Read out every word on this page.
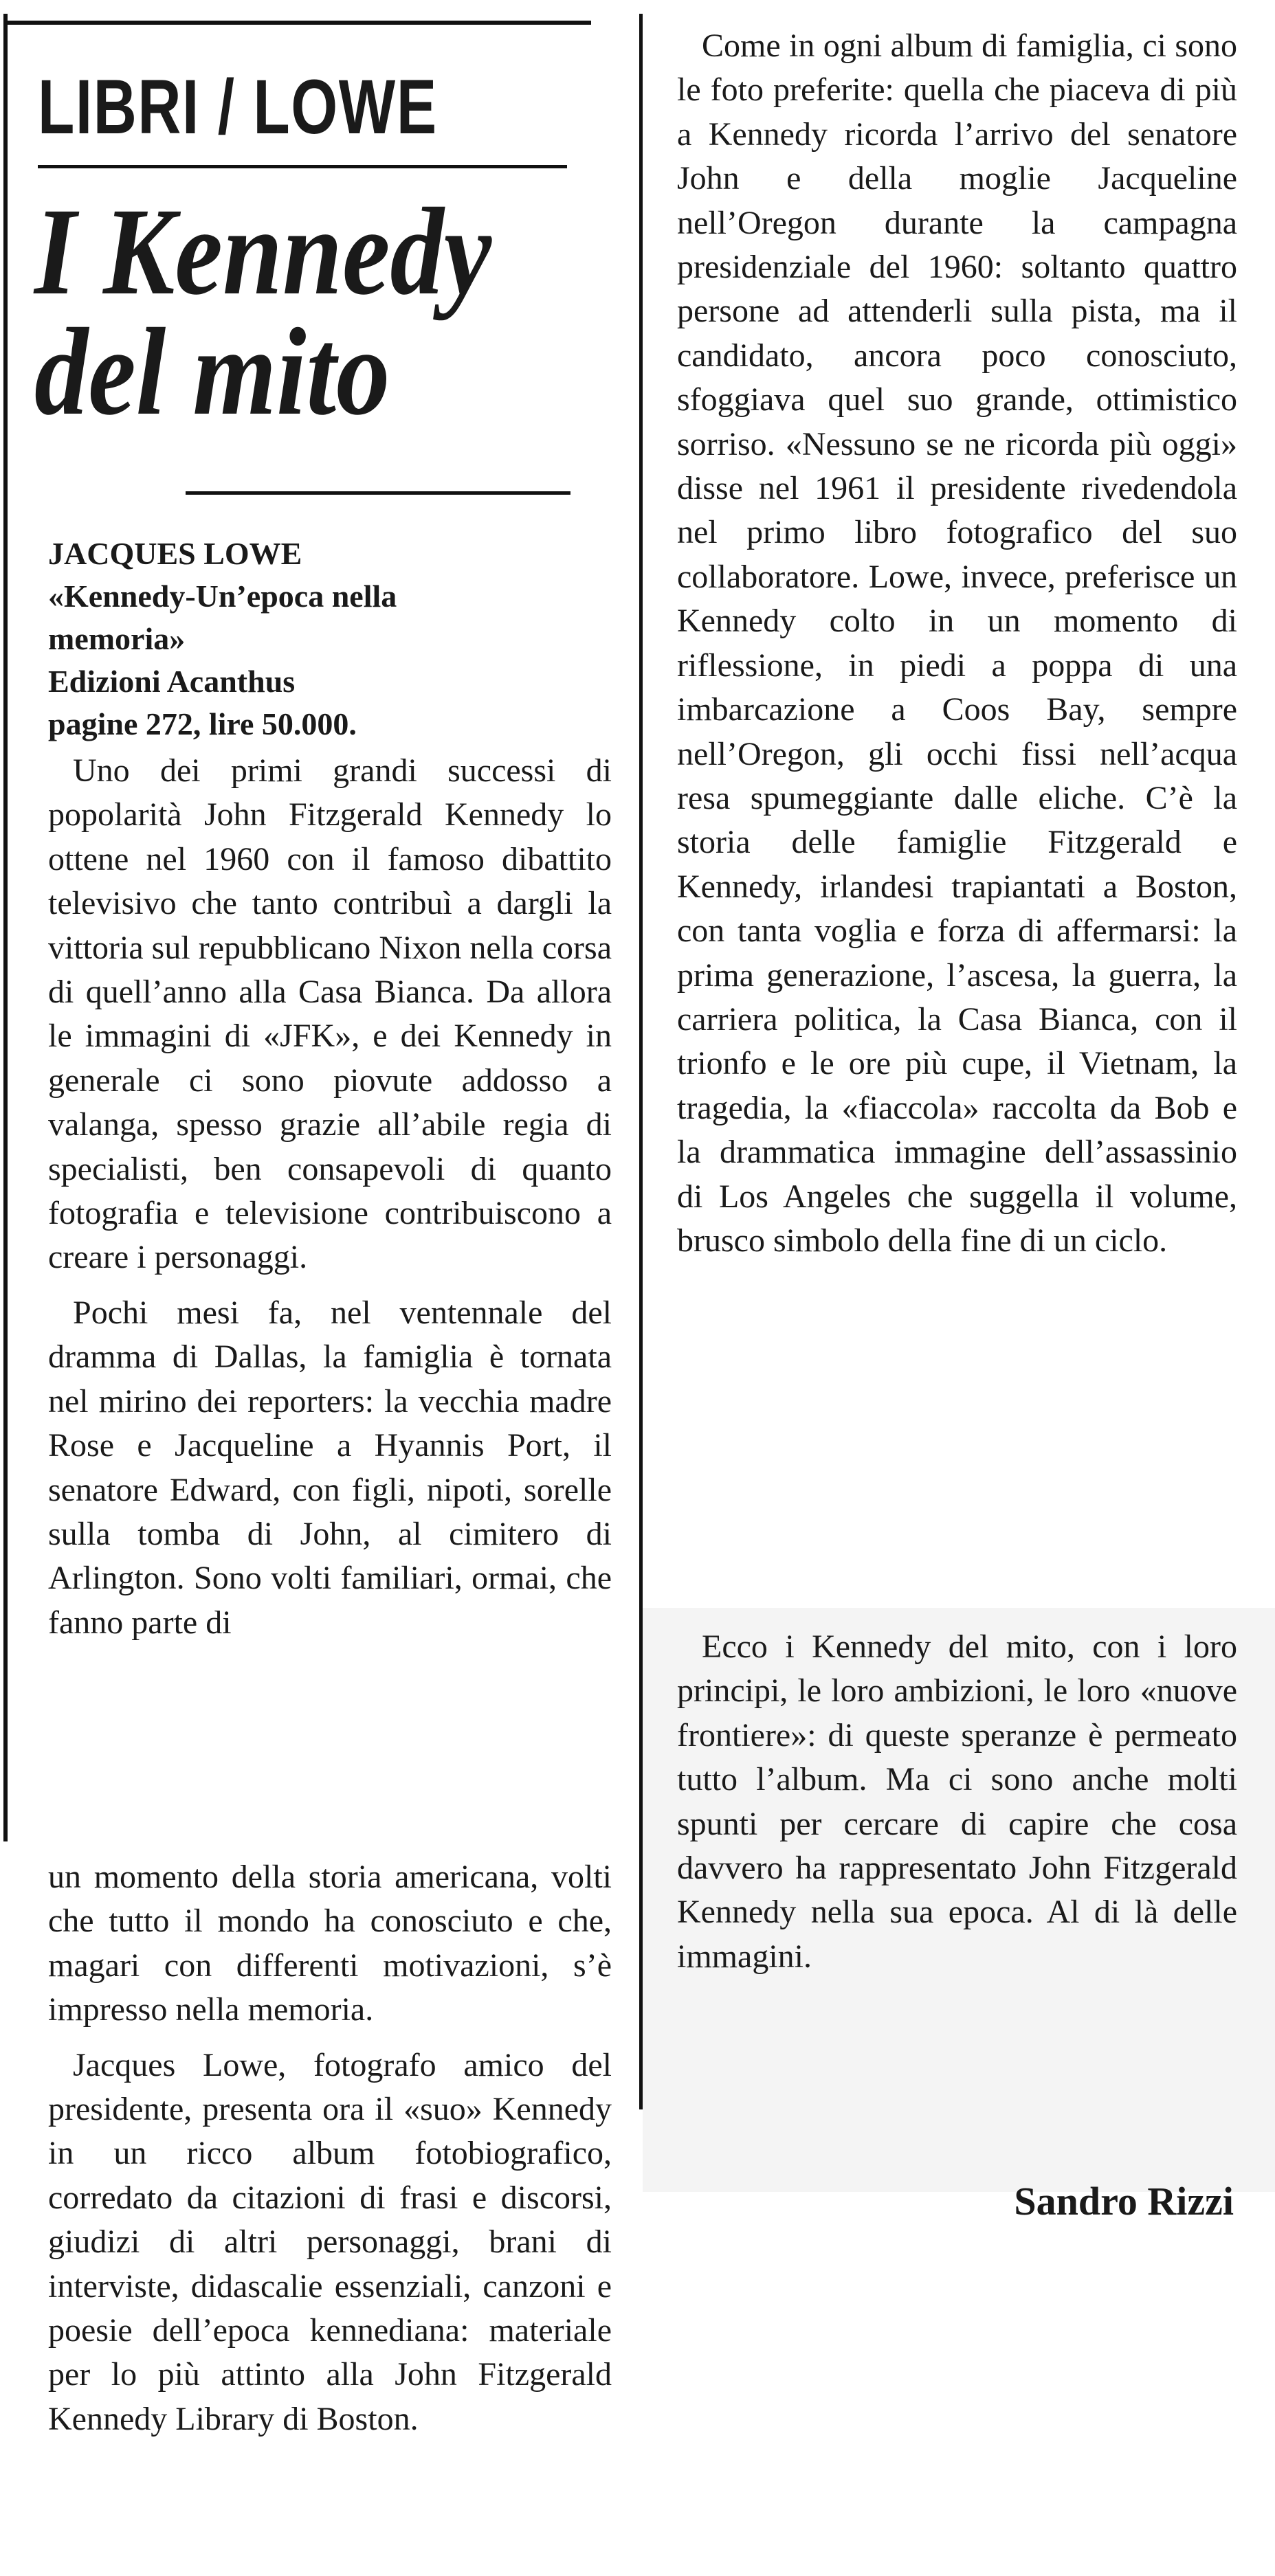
LIBRI / LOWE
I Kennedy
del mito
JACQUES LOWE
«Kennedy-Un’epoca nella
memoria»
Edizioni Acanthus
pagine 272, lire 50.000.

Uno dei primi grandi successi di popolarità John Fitzgerald Kennedy lo ottene nel 1960 con il famoso dibattito televisivo che tanto contribuì a dargli la vittoria sul repubblicano Nixon nella corsa di quell’anno alla Casa Bianca. Da allora le immagini di «JFK», e dei Kennedy in generale ci sono piovute addosso a valanga, spesso grazie all’abile regia di specialisti, ben consapevoli di quanto fotografia e televisione contribuiscono a creare i personaggi.

Pochi mesi fa, nel ventennale del dramma di Dallas, la famiglia è tornata nel mirino dei reporters: la vecchia madre Rose e Jacqueline a Hyannis Port, il senatore Edward, con figli, nipoti, sorelle sulla tomba di John, al cimitero di Arlington. Sono volti familiari, ormai, che fanno parte di

un momento della storia americana, volti che tutto il mondo ha conosciuto e che, magari con differenti motivazioni, s’è impresso nella memoria.

Jacques Lowe, fotografo amico del presidente, presenta ora il «suo» Kennedy in un ricco album fotobiografico, corredato da citazioni di frasi e discorsi, giudizi di altri personaggi, brani di interviste, didascalie essenziali, canzoni e poesie dell’epoca kennediana: materiale per lo più attinto alla John Fitzgerald Kennedy Library di Boston.

Come in ogni album di famiglia, ci sono le foto preferite: quella che piaceva di più a Kennedy ricorda l’arrivo del senatore John e della moglie Jacqueline nell’Oregon durante la campagna presidenziale del 1960: soltanto quattro persone ad attenderli sulla pista, ma il candidato, ancora poco conosciuto, sfoggiava quel suo grande, ottimistico sorriso. «Nessuno se ne ricorda più oggi» disse nel 1961 il presidente rivedendola nel primo libro fotografico del suo collaboratore. Lowe, invece, preferisce un Kennedy colto in un momento di riflessione, in piedi a poppa di una imbarcazione a Coos Bay, sempre nell’Oregon, gli occhi fissi nell’acqua resa spumeggiante dalle eliche. C’è la storia delle famiglie Fitzgerald e Kennedy, irlandesi trapiantati a Boston, con tanta voglia e forza di affermarsi: la prima generazione, l’ascesa, la guerra, la carriera politica, la Casa Bianca, con il trionfo e le ore più cupe, il Vietnam, la tragedia, la «fiaccola» raccolta da Bob e la drammatica immagine dell’assassinio di Los Angeles che suggella il volume, brusco simbolo della fine di un ciclo.

Ecco i Kennedy del mito, con i loro principi, le loro ambizioni, le loro «nuove frontiere»: di queste speranze è permeato tutto l’album. Ma ci sono anche molti spunti per cercare di capire che cosa davvero ha rappresentato John Fitzgerald Kennedy nella sua epoca. Al di là delle immagini.

Sandro Rizzi
